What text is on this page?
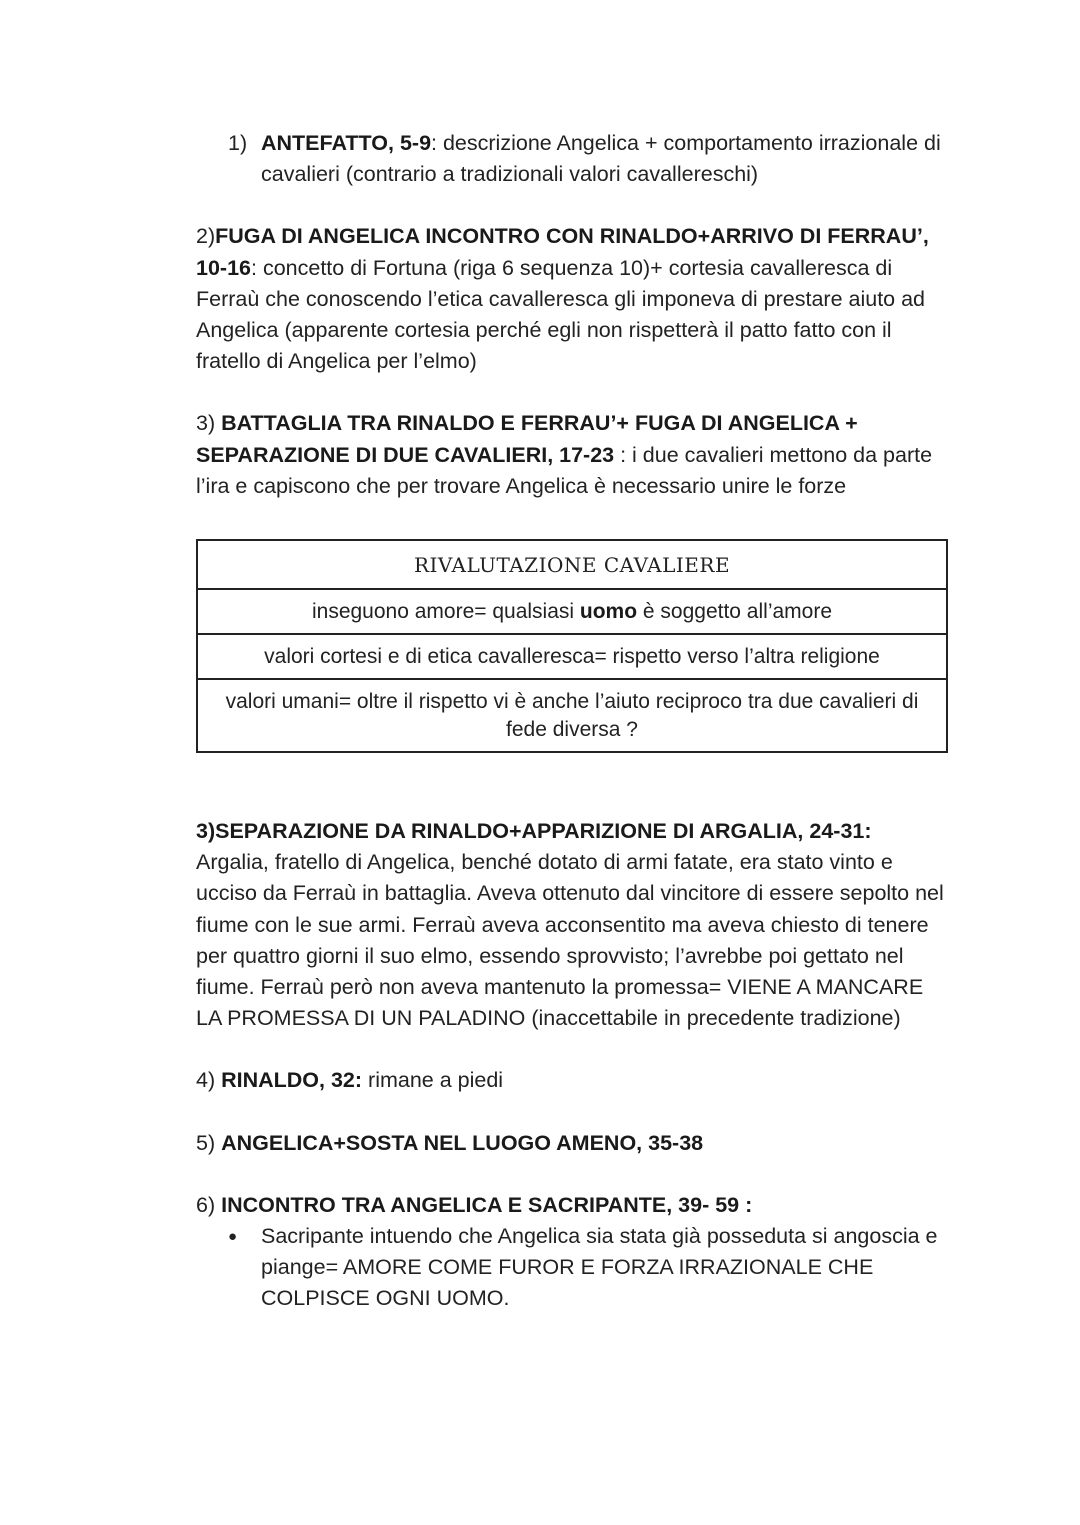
1) ANTEFATTO, 5-9: descrizione Angelica + comportamento irrazionale di cavalieri (contrario a tradizionali valori cavallereschi)

2)FUGA DI ANGELICA INCONTRO CON RINALDO+ARRIVO DI FERRAU’, 10-16: concetto di Fortuna (riga 6 sequenza 10)+ cortesia cavalleresca di Ferraù che conoscendo l’etica cavalleresca gli imponeva di prestare aiuto ad Angelica (apparente cortesia perché egli non rispetterà il patto fatto con il fratello di Angelica per l’elmo)

3) BATTAGLIA TRA RINALDO E FERRAU’+ FUGA DI ANGELICA + SEPARAZIONE DI DUE CAVALIERI, 17-23 : i due cavalieri mettono da parte l’ira e capiscono che per trovare Angelica è necessario unire le forze

RIVALUTAZIONE CAVALIERE
inseguono amore= qualsiasi uomo è soggetto all’amore
valori cortesi e di etica cavalleresca= rispetto verso l’altra religione
valori umani= oltre il rispetto vi è anche l’aiuto reciproco tra due cavalieri di fede diversa ?

3)SEPARAZIONE DA RINALDO+APPARIZIONE DI ARGALIA, 24-31:
Argalia, fratello di Angelica, benché dotato di armi fatate, era stato vinto e ucciso da Ferraù in battaglia. Aveva ottenuto dal vincitore di essere sepolto nel fiume con le sue armi. Ferraù aveva acconsentito ma aveva chiesto di tenere per quattro giorni il suo elmo, essendo sprovvisto; l’avrebbe poi gettato nel fiume. Ferraù però non aveva mantenuto la promessa= VIENE A MANCARE LA PROMESSA DI UN PALADINO (inaccettabile in precedente tradizione)

4) RINALDO, 32: rimane a piedi

5) ANGELICA+SOSTA NEL LUOGO AMENO, 35-38

6) INCONTRO TRA ANGELICA E SACRIPANTE, 39- 59 :

●	Sacripante intuendo che Angelica sia stata già posseduta si angoscia e piange= AMORE COME FUROR E FORZA IRRAZIONALE CHE COLPISCE OGNI UOMO.
